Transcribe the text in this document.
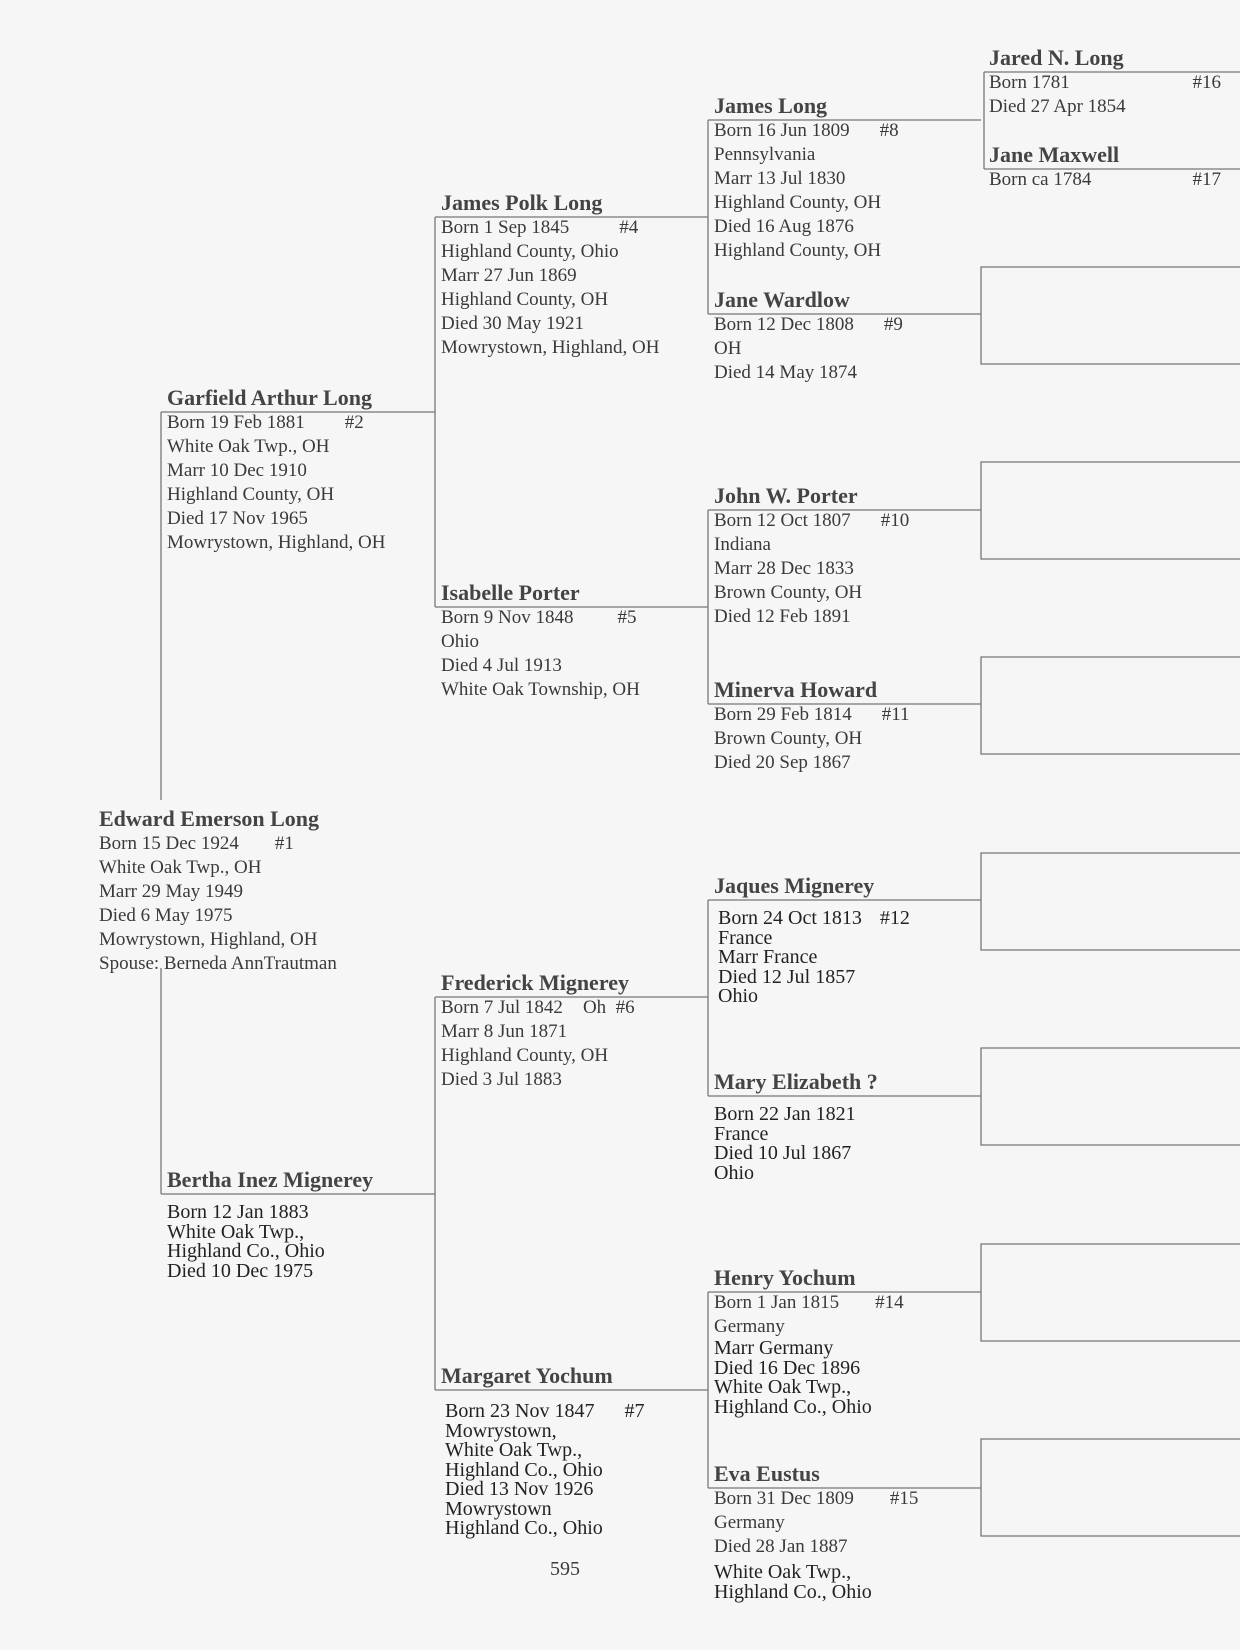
Edward Emerson Long
Born 15 Dec 1924 #1
White Oak Twp., OH
Marr 29 May 1949
Died 6 May 1975
Mowrystown, Highland, OH
Spouse: Berneda AnnTrautman
Garfield Arthur Long
Born 19 Feb 1881 #2
White Oak Twp., OH
Marr 10 Dec 1910
Highland County, OH
Died 17 Nov 1965
Mowrystown, Highland, OH
Bertha Inez Mignerey
Born 12 Jan 1883
White Oak Twp.,
Highland Co., Ohio
Died 10 Dec 1975
James Polk Long
Born 1 Sep 1845	#4
Highland County, Ohio
Marr 27 Jun 1869
Highland County, OH
Died 30 May 1921
Mowrystown, Highland, OH
Isabelle Porter
Born 9 Nov 1848 #5
Ohio
Died 4 Jul 1913
White Oak Township, OH
Frederick Mignerey
Born 7 Jul 1842 Oh  #6
Marr 8 Jun 1871
Highland County, OH
Died 3 Jul 1883
Margaret Yochum
Born 23 Nov 1847 #7
Mowrystown,
White Oak Twp.,
Highland Co., Ohio
Died 13 Nov 1926
Mowrystown
Highland Co., Ohio
James Long
Born 16 Jun 1809 #8
Pennsylvania
Marr 13 Jul 1830
Highland County, OH
Died 16 Aug 1876
Highland County, OH
Jane Wardlow
Born 12 Dec 1808 #9
OH
Died 14 May 1874
John W. Porter
Born 12 Oct 1807 #10
Indiana
Marr 28 Dec 1833
Brown County, OH
Died 12 Feb 1891
Minerva Howard
Born 29 Feb 1814 #11
Brown County, OH
Died 20 Sep 1867
Jaques Mignerey
Born 24 Oct 1813 #12
France
Marr France
Died 12 Jul 1857
Ohio
Mary Elizabeth ?
Born 22 Jan 1821
France
Died 10 Jul 1867
Ohio
Henry Yochum
Born 1 Jan 1815 #14
Germany
Marr Germany
Died 16 Dec 1896
White Oak Twp.,
Highland Co., Ohio
Eva Eustus
Born 31 Dec 1809 #15
Germany
Died 28 Jan 1887
White Oak Twp.,
Highland Co., Ohio
Jared N. Long
Born 1781	#16
Died 27 Apr 1854
Jane Maxwell
Born ca 1784	#17
595
